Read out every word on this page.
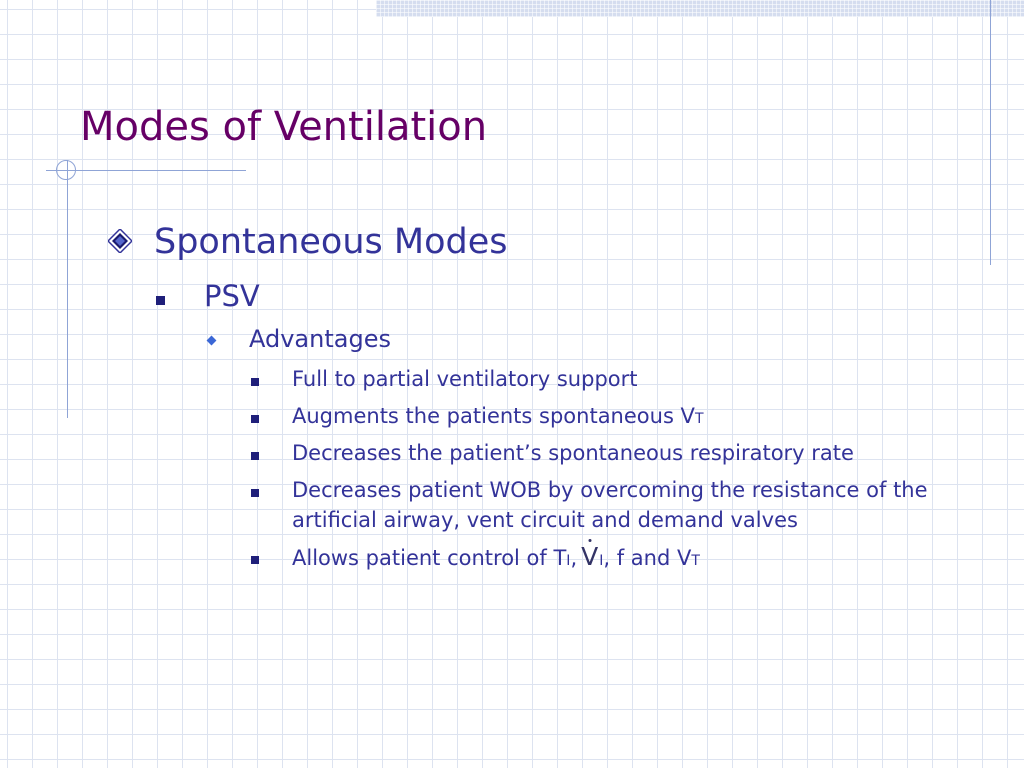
Modes of Ventilation
Spontaneous Modes
PSV
Advantages
Full to partial ventilatory support
Augments the patients spontaneous VT
Decreases the patient’s spontaneous respiratory rate
Decreases patient WOB by overcoming the resistance of the artificial airway, vent circuit and demand valves
Allows patient control of TI, VI, f and VT
